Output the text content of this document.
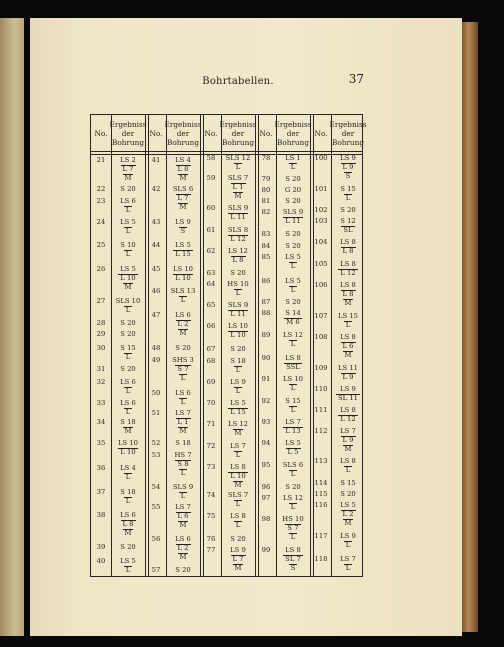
Bohrtabellen.	37
No.
Ergebniss
der
Bohrung
No.
Ergebniss
der
Bohrung
No.
Ergebniss
der
Bohrung
No.
Ergebniss
der
Bohrung
No.
Ergebniss
der
Bohrung
21	LS 2
L 7
M
22	S 20
23	LS 6
L
24	LS 5
L
25	S 10
L
26	LS 5
L 10
M
27	SLS 10
L
28	S 20
29	S 20
30	S 15
L
31	S 20
32	LS 6
L
33	LS 6
L
34	S 18
M
35	LS 10
L 10
36	LS 4
L
37	S 18
L
38	LS 6
L 8
M
39	S 20
40	LS 5
L
41	LS 4
L 8
M
42	SLS 6
L 7
M
43	LS 9
S
44	LS 5
L 15
45	LS 10
L 10
46	SLS 13
L
47	LS 6
L 2
M
48	S 20
49	SHS 3
S 7
L
50	LS 6
L
51	LS 7
L 1
M
52	S 18
53	HS 7
S 8
L
54	SLS 9
L
55	LS 7
L 6
M
56	LS 6
L 2
M
57	S 20
58	SLS 12
L
59	SLS 7
L 1
M
60	SLS 9
L 11
61	SLS 8
L 12
62	LS 12
L 8
63	S 20
64	HS 10
L
65	SLS 9
L 11
66	LS 10
L 10
67	S 20
68	S 18
L
69	LS 9
L
70	LS 5
L 15
71	LS 12
M
72	LS 7
L
73	LS 8
L 10
M
74	SLS 7
L
75	LS 8
L
76	S 20
77	LS 9
L 7
M
78	LS 1
L
79	S 20
80	G 20
81	S 20
82	SLS 9
L 11
83	S 20
84	S 20
85	LS 5
L
86	LS 5
L
87	S 20
88	S 14
M 6
89	LS 12
L
90	LS 8
SSL
91	LS 10
L
92	S 15
L
93	LS 7
L 13
94	LS 5
L 5
95	SLS 6
L
96	S 20
97	LS 12
L
98	HS 10
S 7
L
99	LS 8
SL 7
S
100	LS 9
L 9
S
101	S 15
L
102	S 20
103	S 12
SL
104	LS 8
L 8
105	LS 8
L 12
106	LS 8
L 8
M
107	LS 15
L
108	LS 8
L 6
M
109	LS 11
L 9
110	LS 9
SL 11
111	LS 8
L 12
112	LS 7
L 9
M
113	LS 8
L
114	S 15
115	S 20
116	LS 5
L 2
M
117	LS 9
L
118	LS 7
L
